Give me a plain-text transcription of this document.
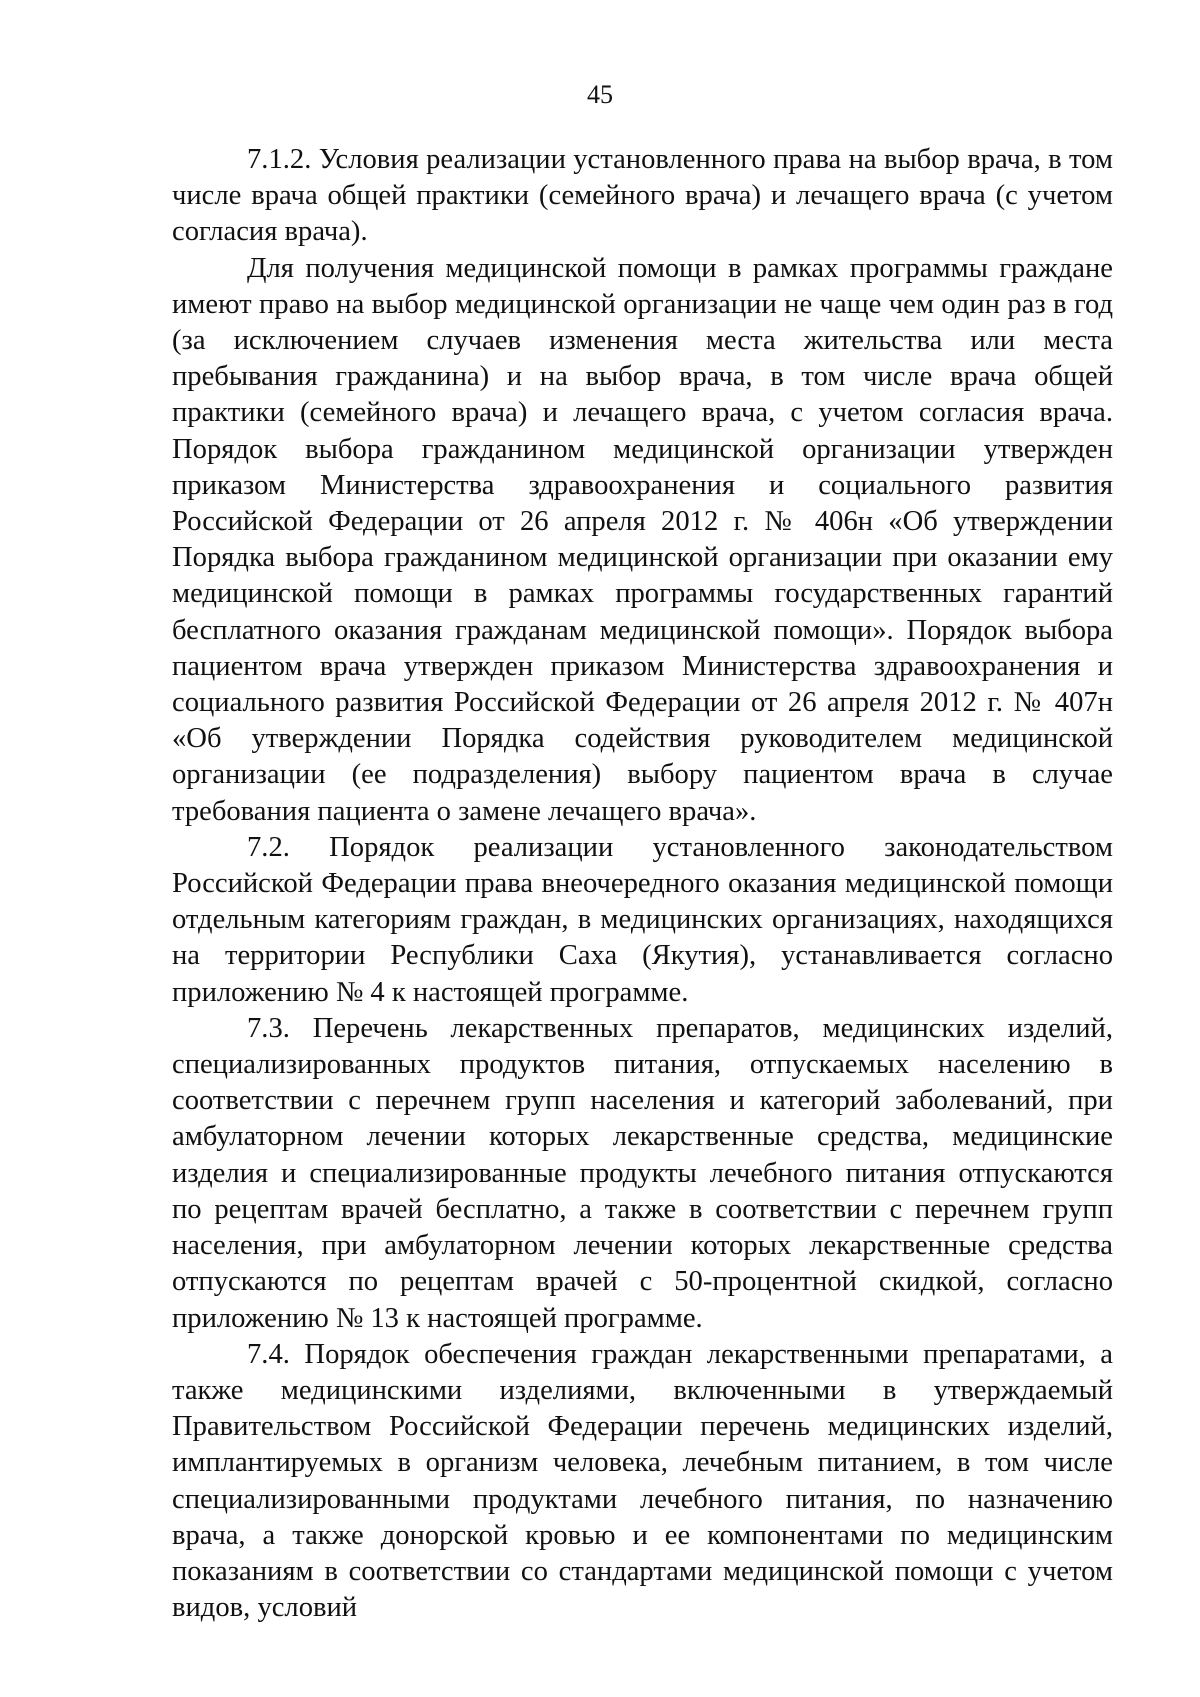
45

7.1.2. Условия реализации установленного права на выбор врача, в том числе врача общей практики (семейного врача) и лечащего врача (с учетом согласия врача).

Для получения медицинской помощи в рамках программы граждане имеют право на выбор медицинской организации не чаще чем один раз в год (за исключением случаев изменения места жительства или места пребывания гражданина) и на выбор врача, в том числе врача общей практики (семейного врача) и лечащего врача, с учетом согласия врача. Порядок выбора гражданином медицинской организации утвержден приказом Министерства здравоохранения и социального развития Российской Федерации от 26 апреля 2012 г. № 406н «Об утверждении Порядка выбора гражданином медицинской организации при оказании ему медицинской помощи в рамках программы государственных гарантий бесплатного оказания гражданам медицинской помощи». Порядок выбора пациентом врача утвержден приказом Министерства здравоохранения и социального развития Российской Федерации от 26 апреля 2012 г. № 407н «Об утверждении Порядка содействия руководителем медицинской организации (ее подразделения) выбору пациентом врача в случае требования пациента о замене лечащего врача».

7.2. Порядок реализации установленного законодательством Российской Федерации права внеочередного оказания медицинской помощи отдельным категориям граждан, в медицинских организациях, находящихся на территории Республики Саха (Якутия), устанавливается согласно приложению № 4 к настоящей программе.

7.3. Перечень лекарственных препаратов, медицинских изделий, специализированных продуктов питания, отпускаемых населению в соответствии с перечнем групп населения и категорий заболеваний, при амбулаторном лечении которых лекарственные средства, медицинские изделия и специализированные продукты лечебного питания отпускаются по рецептам врачей бесплатно, а также в соответствии с перечнем групп населения, при амбулаторном лечении которых лекарственные средства отпускаются по рецептам врачей с 50-процентной скидкой, согласно приложению № 13 к настоящей программе.

7.4. Порядок обеспечения граждан лекарственными препаратами, а также медицинскими изделиями, включенными в утверждаемый Правительством Российской Федерации перечень медицинских изделий, имплантируемых в организм человека, лечебным питанием, в том числе специализированными продуктами лечебного питания, по назначению врача, а также донорской кровью и ее компонентами по медицинским показаниям в соответствии со стандартами медицинской помощи с учетом видов, условий
